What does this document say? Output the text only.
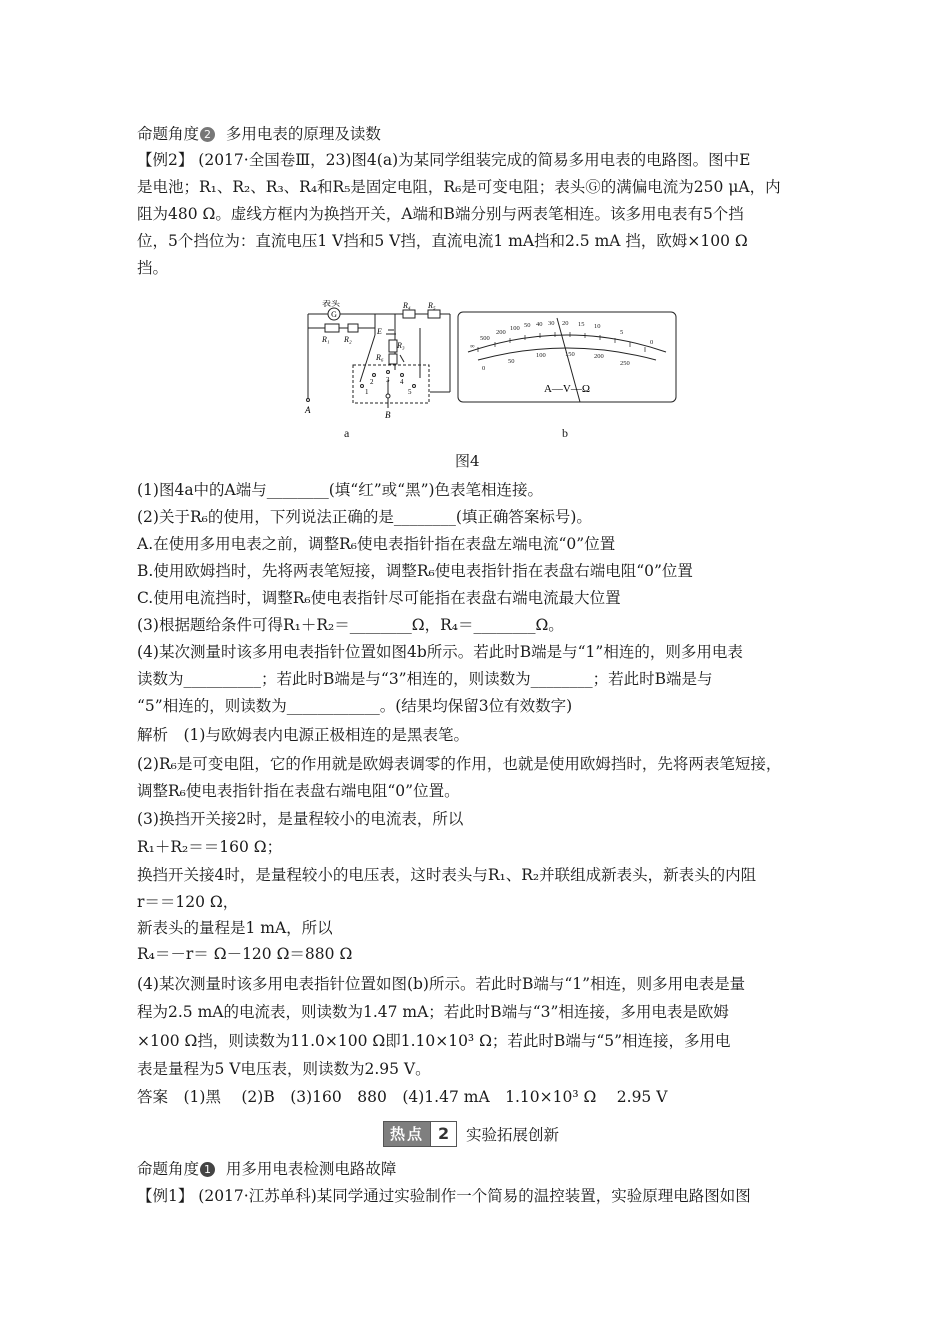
命题角度 2 多用电表的原理及读数
【例2】 (2017·全国卷Ⅲ，23)图4(a)为某同学组装完成的简易多用电表的电路图。图中E
是电池；R₁、R₂、R₃、R₄和R₅是固定电阻，R₆是可变电阻；表头Ⓖ的满偏电流为250 μA，内
阻为480 Ω。虚线方框内为换挡开关，A端和B端分别与两表笔相连。该多用电表有5个挡
位，5个挡位为：直流电压1 V挡和5 V挡，直流电流1 mA挡和2.5 mA 挡，欧姆×100 Ω
挡。
G
表头
R₁ R₂
R₄ R₅
R₃
R₆
E
A	B
1
2 3 4
5
∞
500
200
100 50 40 30 20 15 10
5
0
0
50
100	150	200
250
A—V—Ω
a	b
图4
(1)图4a中的A端与________(填“红”或“黑”)色表笔相连接。
(2)关于R₆的使用，下列说法正确的是________(填正确答案标号)。
A.在使用多用电表之前，调整R₆使电表指针指在表盘左端电流“0”位置
B.使用欧姆挡时，先将两表笔短接，调整R₆使电表指针指在表盘右端电阻“0”位置
C.使用电流挡时，调整R₆使电表指针尽可能指在表盘右端电流最大位置
(3)根据题给条件可得R₁＋R₂＝________Ω，R₄＝________Ω。
(4)某次测量时该多用电表指针位置如图4b所示。若此时B端是与“1”相连的，则多用电表
读数为__________；若此时B端是与“3”相连的，则读数为________；若此时B端是与
“5”相连的，则读数为____________。(结果均保留3位有效数字)
解析　(1)与欧姆表内电源正极相连的是黑表笔。
(2)R₆是可变电阻，它的作用就是欧姆表调零的作用，也就是使用欧姆挡时，先将两表笔短接，
调整R₆使电表指针指在表盘右端电阻“0”位置。
(3)换挡开关接2时，是量程较小的电流表，所以
R₁＋R₂＝＝160 Ω；
换挡开关接4时，是量程较小的电压表，这时表头与R₁、R₂并联组成新表头，新表头的内阻
r＝＝120 Ω，
新表头的量程是1 mA，所以
R₄＝－r＝ Ω－120 Ω＝880 Ω
(4)某次测量时该多用电表指针位置如图(b)所示。若此时B端与“1”相连，则多用电表是量
程为2.5 mA的电流表，则读数为1.47 mA；若此时B端与“3”相连接，多用电表是欧姆
×100 Ω挡，则读数为11.0×100 Ω即1.10×10³ Ω；若此时B端与“5”相连接，多用电
表是量程为5 V电压表，则读数为2.95 V。
答案　(1)黑　 (2)B　(3)160　880　(4)1.47 mA　1.10×10³ Ω　 2.95 V
热点 2	实验拓展创新
命题角度 1 用多用电表检测电路故障
【例1】 (2017·江苏单科)某同学通过实验制作一个简易的温控装置，实验原理电路图如图
